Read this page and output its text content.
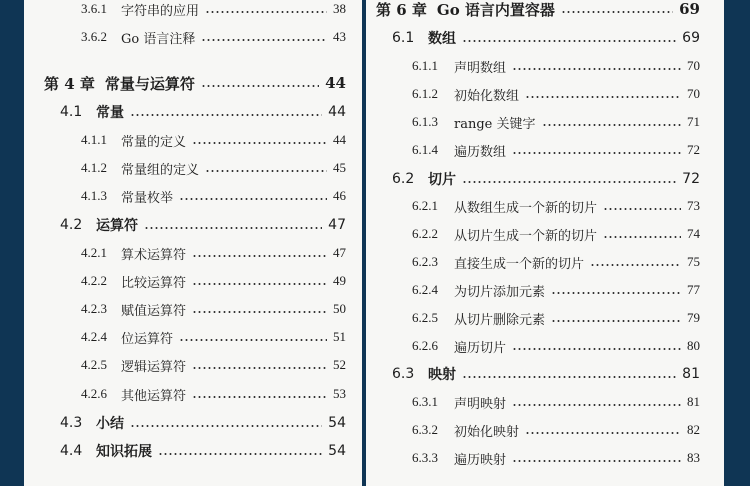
3.6.1	字符串的应用	38
3.6.2	Go 语言注释	43
第 4 章 常量与运算符	44
4.1 常量	44
4.1.1	常量的定义	44
4.1.2	常量组的定义	45
4.1.3	常量枚举	46
4.2 运算符	47
4.2.1	算术运算符	47
4.2.2	比较运算符	49
4.2.3	赋值运算符	50
4.2.4	位运算符	51
4.2.5	逻辑运算符	52
4.2.6	其他运算符	53
4.3 小结	54
4.4 知识拓展	54
第 6 章 Go 语言内置容器	69
6.1 数组	69
6.1.1	声明数组	70
6.1.2	初始化数组	70
6.1.3	range 关键字	71
6.1.4	遍历数组	72
6.2 切片	72
6.2.1	从数组生成一个新的切片	73
6.2.2	从切片生成一个新的切片	74
6.2.3	直接生成一个新的切片	75
6.2.4	为切片添加元素	77
6.2.5	从切片删除元素	79
6.2.6	遍历切片	80
6.3 映射	81
6.3.1	声明映射	81
6.3.2	初始化映射	82
6.3.3	遍历映射	83
